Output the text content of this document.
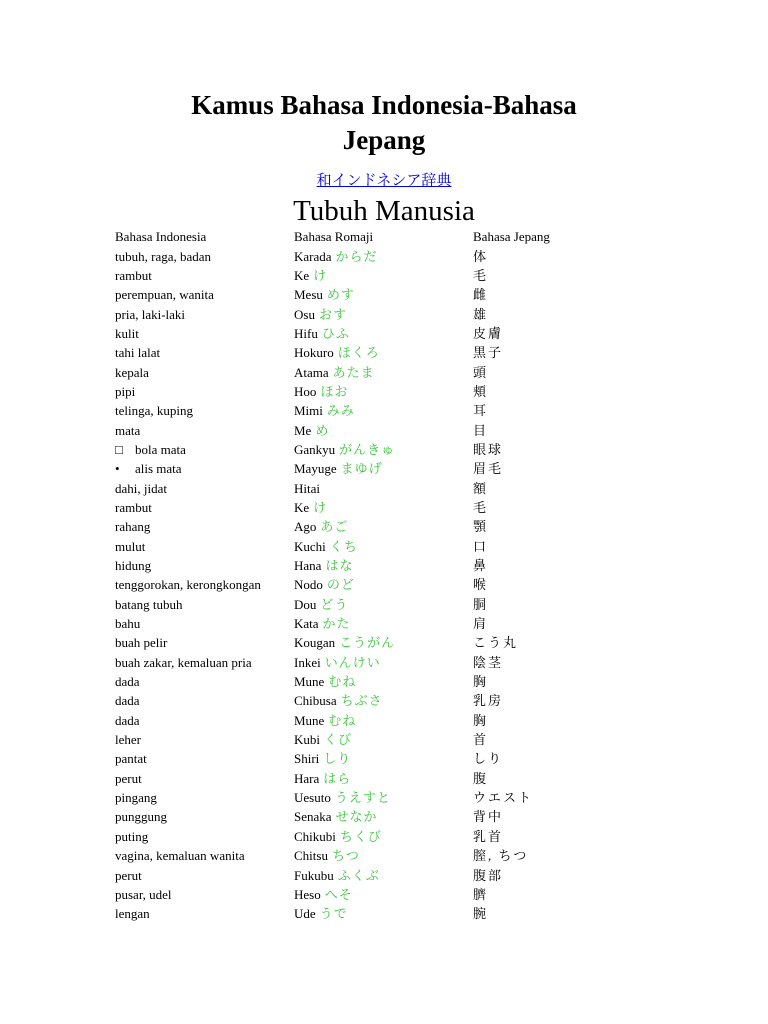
Kamus Bahasa Indonesia-Bahasa
Jepang
和インドネシア辞典
Tubuh Manusia
Bahasa Indonesia	Bahasa Romaji	Bahasa Jepang
tubuh, raga, badan	Karada からだ	体
rambut	Ke け	毛
perempuan, wanita	Mesu めす	雌
pria, laki-laki	Osu おす	雄
kulit	Hifu ひふ	皮膚
tahi lalat	Hokuro ほくろ	黒子
kepala	Atama あたま	頭
pipi	Hoo ほお	頬
telinga, kuping	Mimi みみ	耳
mata	Me め	目
□ bola mata	Gankyu がんきゅ	眼球
• alis mata	Mayuge まゆげ	眉毛
dahi, jidat	Hitai	額
rambut	Ke け	毛
rahang	Ago あご	顎
mulut	Kuchi くち	口
hidung	Hana はな	鼻
tenggorokan, kerongkongan	Nodo のど	喉
batang tubuh	Dou どう	胴
bahu	Kata かた	肩
buah pelir	Kougan こうがん	こう丸
buah zakar, kemaluan pria	Inkei いんけい	陰茎
dada	Mune むね	胸
dada	Chibusa ちぶさ	乳房
dada	Mune むね	胸
leher	Kubi くび	首
pantat	Shiri しり	しり
perut	Hara はら	腹
pingang	Uesuto うえすと	ウエスト
punggung	Senaka せなか	背中
puting	Chikubi ちくび	乳首
vagina, kemaluan wanita	Chitsu ちつ	膣, ちつ
perut	Fukubu ふくぶ	腹部
pusar, udel	Heso へそ	臍
lengan	Ude うで	腕
